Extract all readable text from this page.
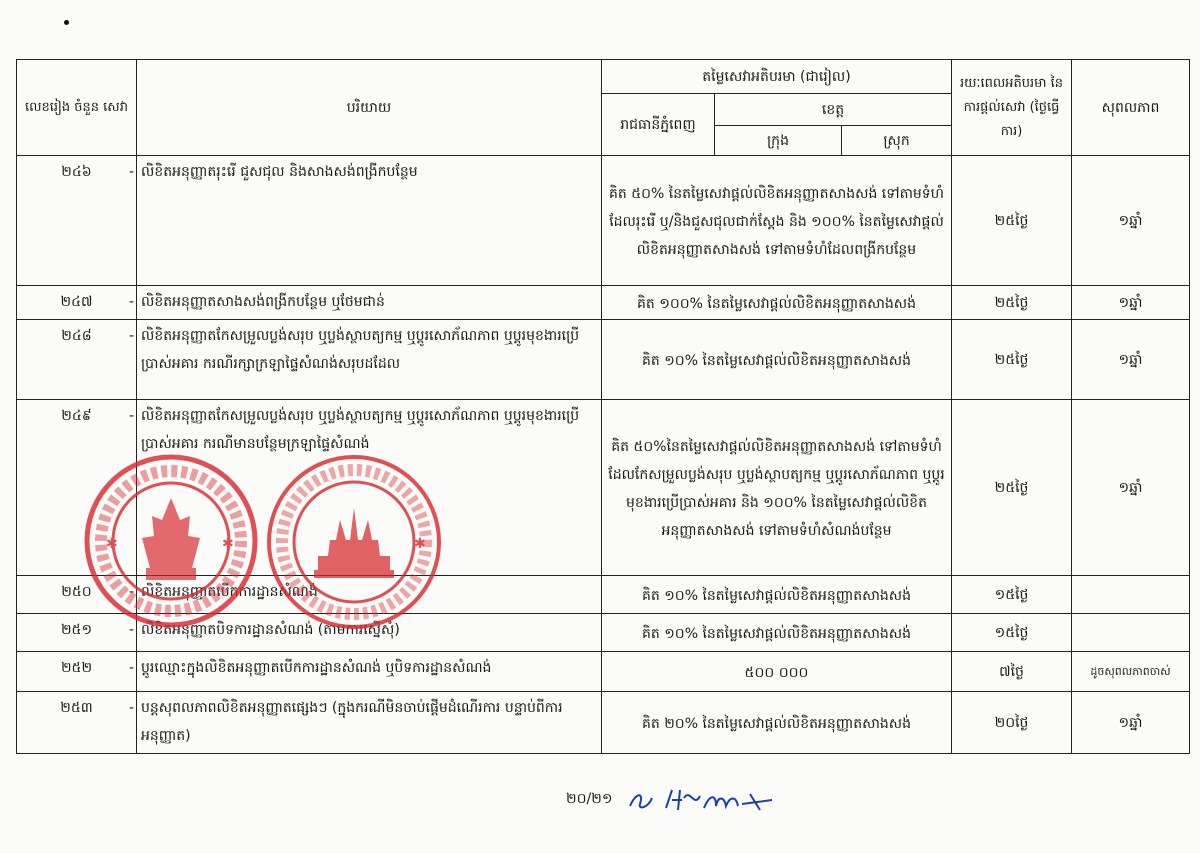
លេខរៀង ចំនួន សេវា	បរិយាយ	តម្លៃសេវាអតិបរមា (ជារៀល)			រយៈពេលអតិបរមា នៃការផ្ដល់សេវា (ថ្ងៃធ្វើការ)	សុពលភាព
		រាជធានីភ្នំពេញ	ខេត្ត			
			ក្រុង	ស្រុក		
២៤៦	- លិខិតអនុញ្ញាតរុះរើ ជួសជុល និងសាងសង់ពង្រីកបន្ថែម	គិត ៥០% នៃតម្លៃសេវាផ្ដល់លិខិតអនុញ្ញាតសាងសង់ ទៅតាមទំហំដែលរុះរើ ឬ/និងជួសជុលជាក់ស្ដែង និង ១០០% នៃតម្លៃសេវាផ្ដល់លិខិតអនុញ្ញាតសាងសង់ ទៅតាមទំហំដែលពង្រីកបន្ថែម			២៥ថ្ងៃ	១ឆ្នាំ
២៤៧	- លិខិតអនុញ្ញាតសាងសង់ពង្រីកបន្ថែម ឬថែមជាន់	គិត ១០០% នៃតម្លៃសេវាផ្ដល់លិខិតអនុញ្ញាតសាងសង់			២៥ថ្ងៃ	១ឆ្នាំ
២៤៨	- លិខិតអនុញ្ញាតកែសម្រួលប្លង់សរុប ឬប្លង់ស្ថាបត្យកម្ម ឬប្ដូរសោភ័ណភាព ឬប្ដូរមុខងារប្រើប្រាស់អគារ ករណីរក្សាក្រឡាផ្ទៃសំណង់សរុបដដែល	គិត ១០% នៃតម្លៃសេវាផ្ដល់លិខិតអនុញ្ញាតសាងសង់			២៥ថ្ងៃ	១ឆ្នាំ
២៤៩	- លិខិតអនុញ្ញាតកែសម្រួលប្លង់សរុប ឬប្លង់ស្ថាបត្យកម្ម ឬប្ដូរសោភ័ណភាព ឬប្ដូរមុខងារប្រើប្រាស់អគារ ករណីមានបន្ថែមក្រឡាផ្ទៃសំណង់	គិត ៥០%នៃតម្លៃសេវាផ្ដល់លិខិតអនុញ្ញាតសាងសង់ ទៅតាមទំហំ ដែលកែសម្រួលប្លង់សរុប ឬប្លង់ស្ថាបត្យកម្ម ឬប្ដូរសោភ័ណភាព ឬប្ដូរមុខងារប្រើប្រាស់អគារ និង ១០០% នៃតម្លៃសេវាផ្ដល់លិខិតអនុញ្ញាតសាងសង់ ទៅតាមទំហំសំណង់បន្ថែម			២៥ថ្ងៃ	១ឆ្នាំ
២៥០	- លិខិតអនុញ្ញាតបើកការដ្ឋានសំណង់	គិត ១០% នៃតម្លៃសេវាផ្ដល់លិខិតអនុញ្ញាតសាងសង់			១៥ថ្ងៃ	
២៥១	- លិខិតអនុញ្ញាតបិទការដ្ឋានសំណង់ (តាមការស្នើសុំ)	គិត ១០% នៃតម្លៃសេវាផ្ដល់លិខិតអនុញ្ញាតសាងសង់			១៥ថ្ងៃ	
២៥២	- ប្ដូរឈ្មោះក្នុងលិខិតអនុញ្ញាតបើកការដ្ឋានសំណង់ ឬបិទការដ្ឋានសំណង់	៥០០ ០០០			៧ថ្ងៃ	ដូចសុពលភាពចាស់
២៥៣	- បន្តសុពលភាពលិខិតអនុញ្ញាតផ្សេងៗ (ក្នុងករណីមិនចាប់ផ្ដើមដំណើរការ បន្ទាប់ពីការអនុញ្ញាត)	គិត ២០% នៃតម្លៃសេវាផ្ដល់លិខិតអនុញ្ញាតសាងសង់			២០ថ្ងៃ	១ឆ្នាំ
✱	✱	✱
២០/២១
